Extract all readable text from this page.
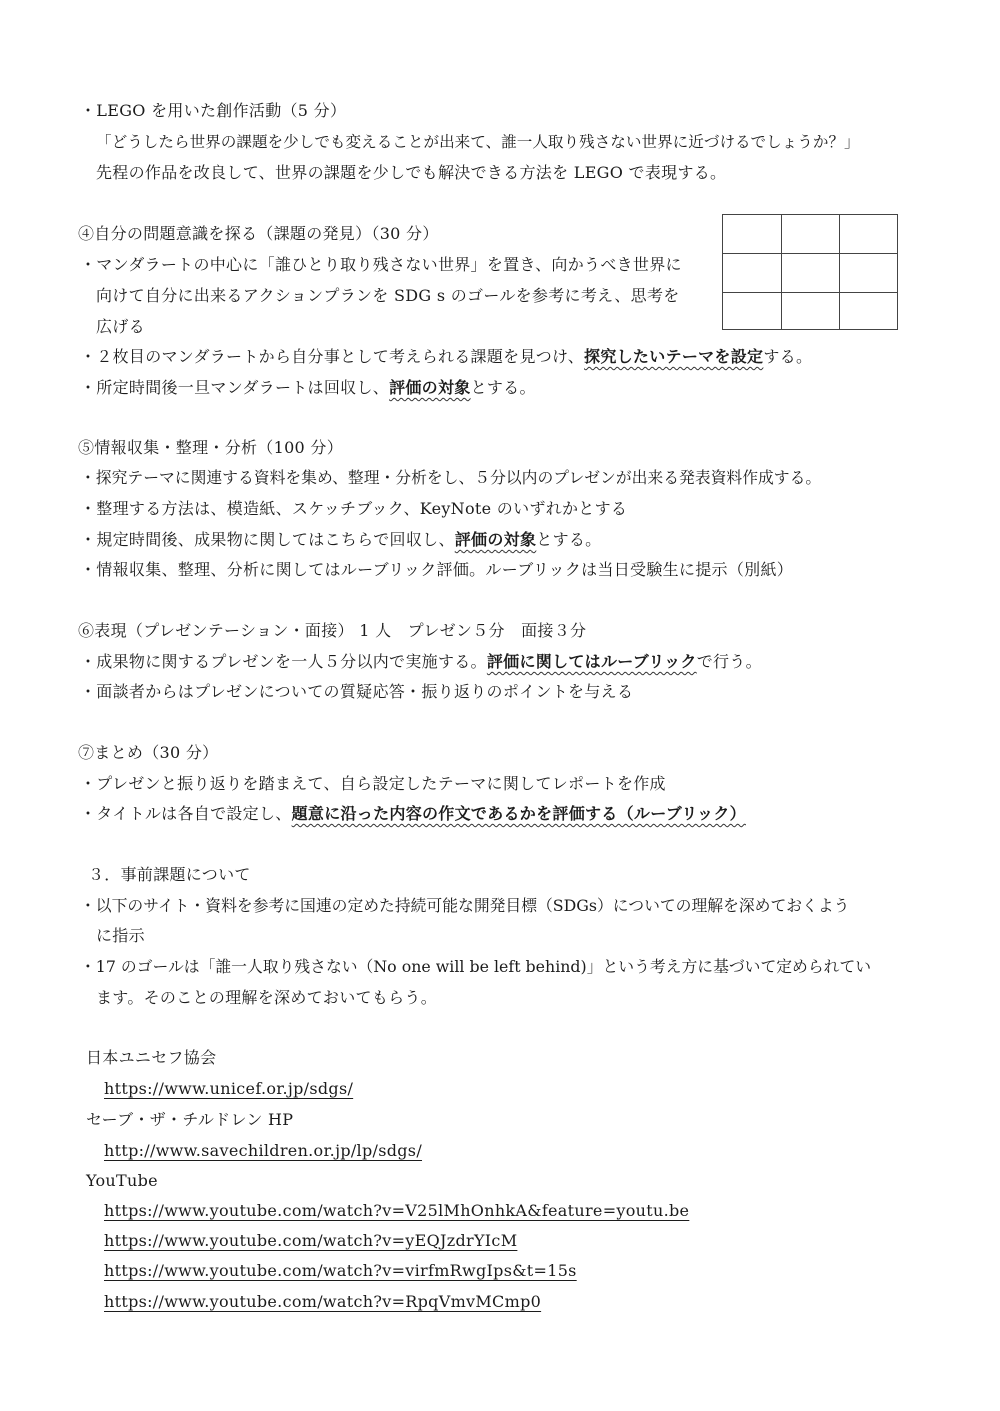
・LEGO を用いた創作活動（5 分）
「どうしたら世界の課題を少しでも変えることが出来て、誰一人取り残さない世界に近づけるでしょうか？」
先程の作品を改良して、世界の課題を少しでも解決できる方法を LEGO で表現する。
④自分の問題意識を探る（課題の発見）（30 分）
・マンダラートの中心に「誰ひとり取り残さない世界」を置き、向かうべき世界に
向けて自分に出来るアクションプランを SDG s のゴールを参考に考え、思考を
広げる
・２枚目のマンダラートから自分事として考えられる課題を見つけ、探究したいテーマを設定する。
・所定時間後一旦マンダラートは回収し、評価の対象とする。
⑤情報収集・整理・分析（100 分）
・探究テーマに関連する資料を集め、整理・分析をし、５分以内のプレゼンが出来る発表資料作成する。
・整理する方法は、模造紙、スケッチブック、KeyNote のいずれかとする
・規定時間後、成果物に関してはこちらで回収し、評価の対象とする。
・情報収集、整理、分析に関してはルーブリック評価。ルーブリックは当日受験生に提示（別紙）
⑥表現（プレゼンテーション・面接） 1 人　プレゼン５分　面接３分
・成果物に関するプレゼンを一人５分以内で実施する。評価に関してはルーブリックで行う。
・面談者からはプレゼンについての質疑応答・振り返りのポイントを与える
⑦まとめ（30 分）
・プレゼンと振り返りを踏まえて、自ら設定したテーマに関してレポートを作成
・タイトルは各自で設定し、題意に沿った内容の作文であるかを評価する（ルーブリック）
３．事前課題について
・以下のサイト・資料を参考に国連の定めた持続可能な開発目標（SDGs）についての理解を深めておくよう
に指示
・17 のゴールは「誰一人取り残さない（No one will be left behind)」という考え方に基づいて定められてい
ます。そのことの理解を深めておいてもらう。
日本ユニセフ協会
https://www.unicef.or.jp/sdgs/
セーブ・ザ・チルドレン HP
http://www.savechildren.or.jp/lp/sdgs/
YouTube
https://www.youtube.com/watch?v=V25lMhOnhkA&feature=youtu.be
https://www.youtube.com/watch?v=yEQJzdrYIcM
https://www.youtube.com/watch?v=virfmRwgIps&t=15s
https://www.youtube.com/watch?v=RpqVmvMCmp0
